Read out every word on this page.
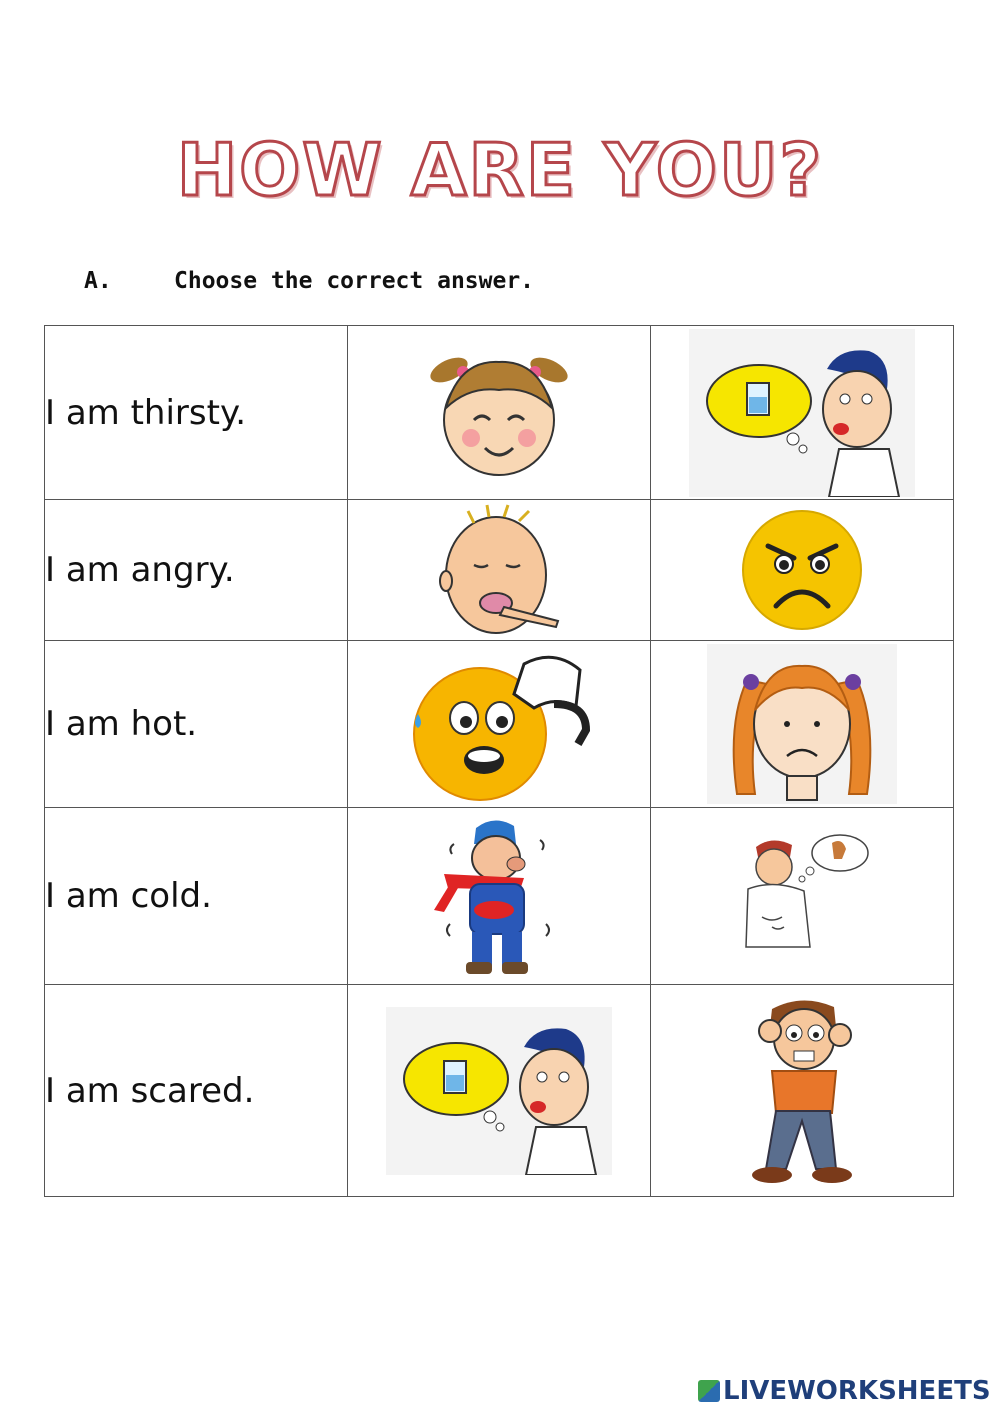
HOW ARE YOU?
A.	Choose the correct answer.
I am thirsty.	

I am angry.	

I am hot.	

I am cold.	

I am scared.	

LIVEWORKSHEETS
